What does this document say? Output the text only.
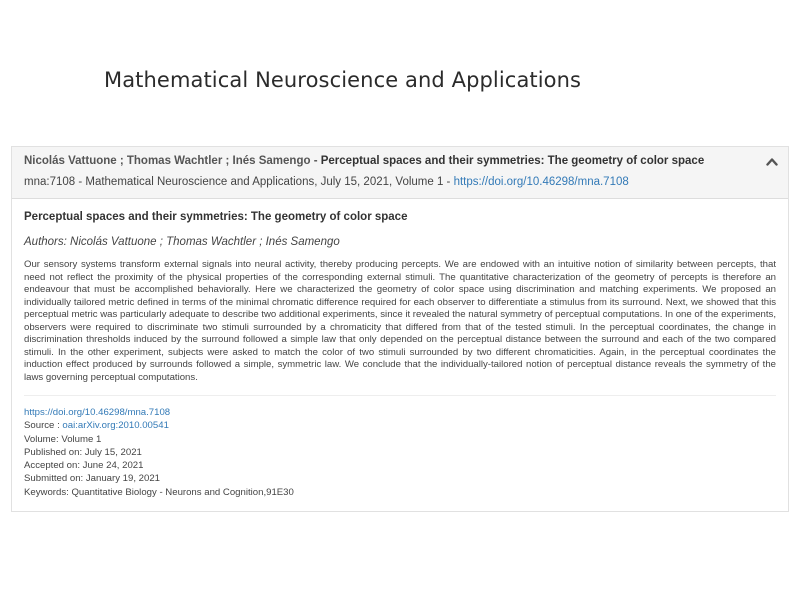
Mathematical Neuroscience and Applications
Nicolás Vattuone ; Thomas Wachtler ; Inés Samengo - Perceptual spaces and their symmetries: The geometry of color space
mna:7108 - Mathematical Neuroscience and Applications, July 15, 2021, Volume 1 - https://doi.org/10.46298/mna.7108
Perceptual spaces and their symmetries: The geometry of color space
Authors: Nicolás Vattuone ; Thomas Wachtler ; Inés Samengo
Our sensory systems transform external signals into neural activity, thereby producing percepts. We are endowed with an intuitive notion of similarity between percepts, that need not reflect the proximity of the physical properties of the corresponding external stimuli. The quantitative characterization of the geometry of percepts is therefore an endeavour that must be accomplished behaviorally. Here we characterized the geometry of color space using discrimination and matching experiments. We proposed an individually tailored metric defined in terms of the minimal chromatic difference required for each observer to differentiate a stimulus from its surround. Next, we showed that this perceptual metric was particularly adequate to describe two additional experiments, since it revealed the natural symmetry of perceptual computations. In one of the experiments, observers were required to discriminate two stimuli surrounded by a chromaticity that differed from that of the tested stimuli. In the perceptual coordinates, the change in discrimination thresholds induced by the surround followed a simple law that only depended on the perceptual distance between the surround and each of the two compared stimuli. In the other experiment, subjects were asked to match the color of two stimuli surrounded by two different chromaticities. Again, in the perceptual coordinates the induction effect produced by surrounds followed a simple, symmetric law. We conclude that the individually-tailored notion of perceptual distance reveals the symmetry of the laws governing perceptual computations.
https://doi.org/10.46298/mna.7108
Source : oai:arXiv.org:2010.00541
Volume: Volume 1
Published on: July 15, 2021
Accepted on: June 24, 2021
Submitted on: January 19, 2021
Keywords: Quantitative Biology - Neurons and Cognition,91E30
